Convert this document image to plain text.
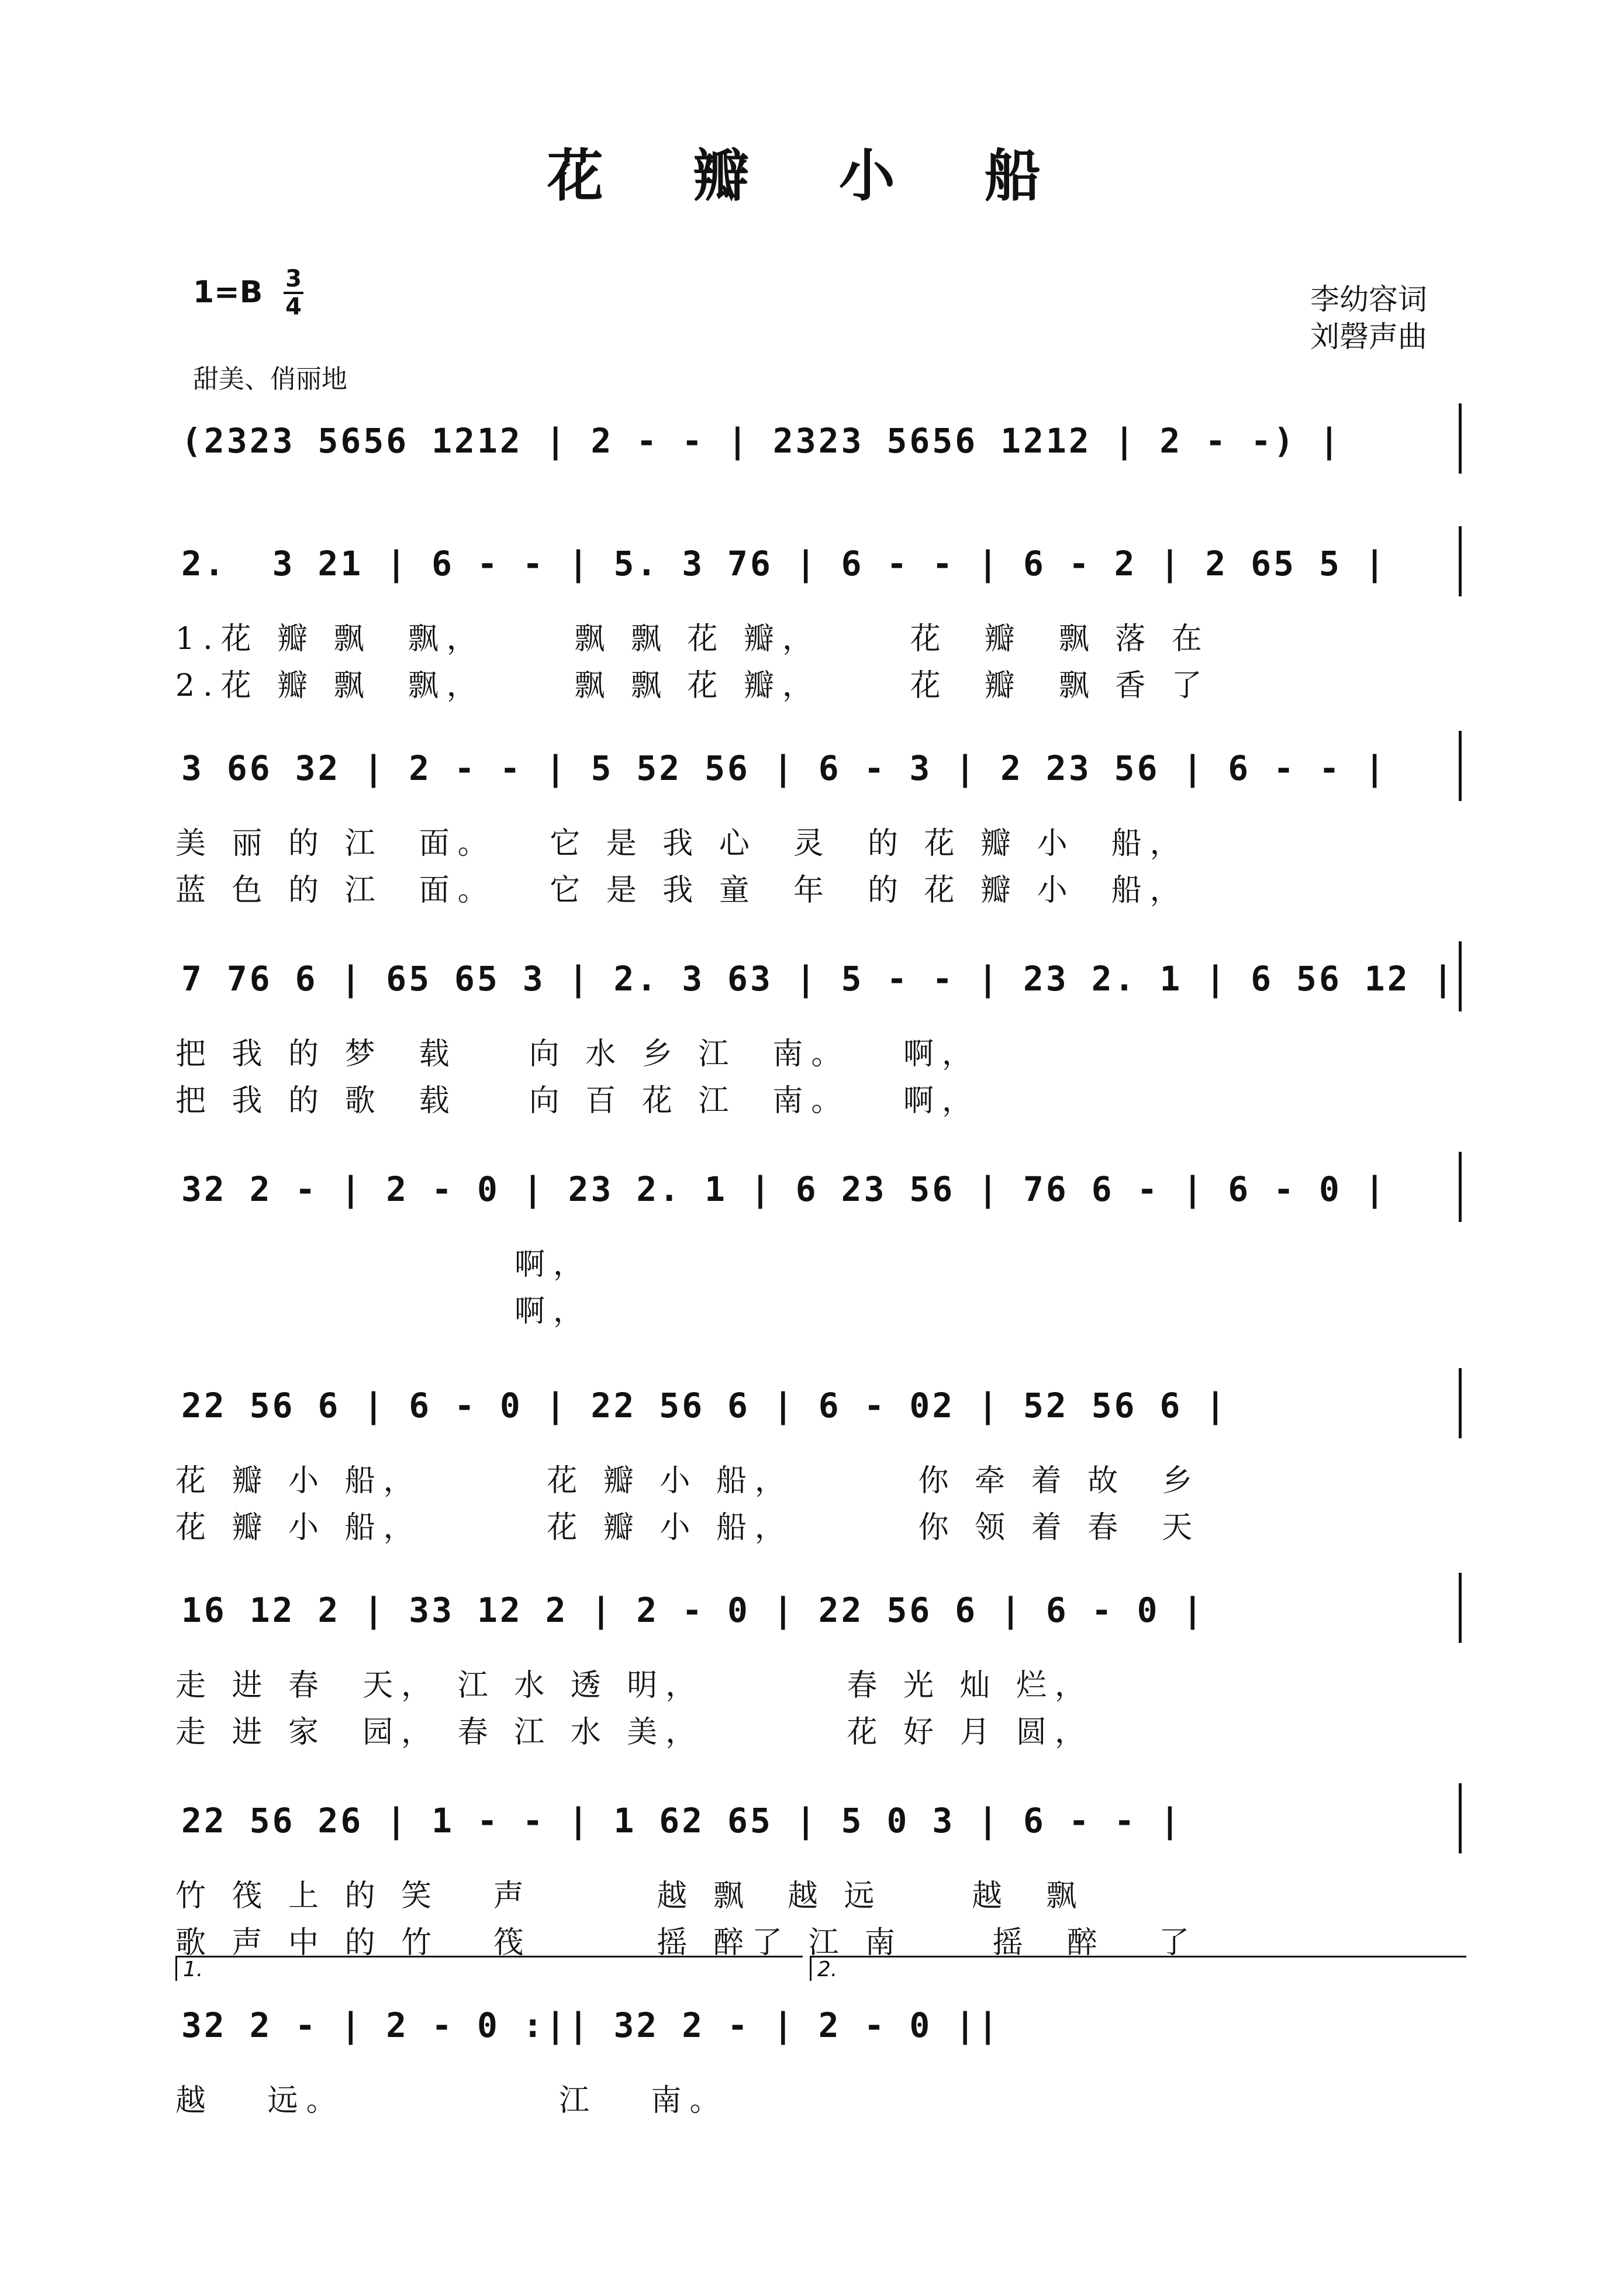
花 瓣 小 船
1=B 3
4	李幼容词
刘磬声曲
甜美、俏丽地
(2323 5656 1212 | 2 - - | 2323 5656 1212 | 2 - -) |
2.  3 21 | 6 - - | 5. 3 76 | 6 - - | 6 - 2 | 2 65 5 |
1.花 瓣 飘  飘，     飘 飘 花 瓣，     花  瓣  飘 落 在
2.花 瓣 飘  飘，     飘 飘 花 瓣，     花  瓣  飘 香 了
3 66 32 | 2 - - | 5 52 56 | 6 - 3 | 2 23 56 | 6 - - |
美 丽 的 江  面。   它 是 我 心  灵  的 花 瓣 小  船，
蓝 色 的 江  面。   它 是 我 童  年  的 花 瓣 小  船，
7 76 6 | 65 65 3 | 2. 3 63 | 5 - - | 23 2. 1 | 6 56 12 |
把 我 的 梦  载    向 水 乡 江  南。   啊，
把 我 的 歌  载    向 百 花 江  南。   啊，
32 2 - | 2 - 0 | 23 2. 1 | 6 23 56 | 76 6 - | 6 - 0 |
啊，
啊，
22 56 6 | 6 - 0 | 22 56 6 | 6 - 02 | 52 56 6 |
花 瓣 小 船，       花 瓣 小 船，       你 牵 着 故  乡
花 瓣 小 船，       花 瓣 小 船，       你 领 着 春  天
16 12 2 | 33 12 2 | 2 - 0 | 22 56 6 | 6 - 0 |
走 进 春  天， 江 水 透 明，        春 光 灿 烂，
走 进 家  园， 春 江 水 美，        花 好 月 圆，
22 56 26 | 1 - - | 1 62 65 | 5 0 3 | 6 - - |
竹 筏 上 的 笑   声       越 飘  越 远     越  飘
歌 声 中 的 竹   筏       摇 醉了 江 南     摇  醉   了
1.	2.
32 2 - | 2 - 0 :|| 32 2 - | 2 - 0 ||
越   远。            江   南。
